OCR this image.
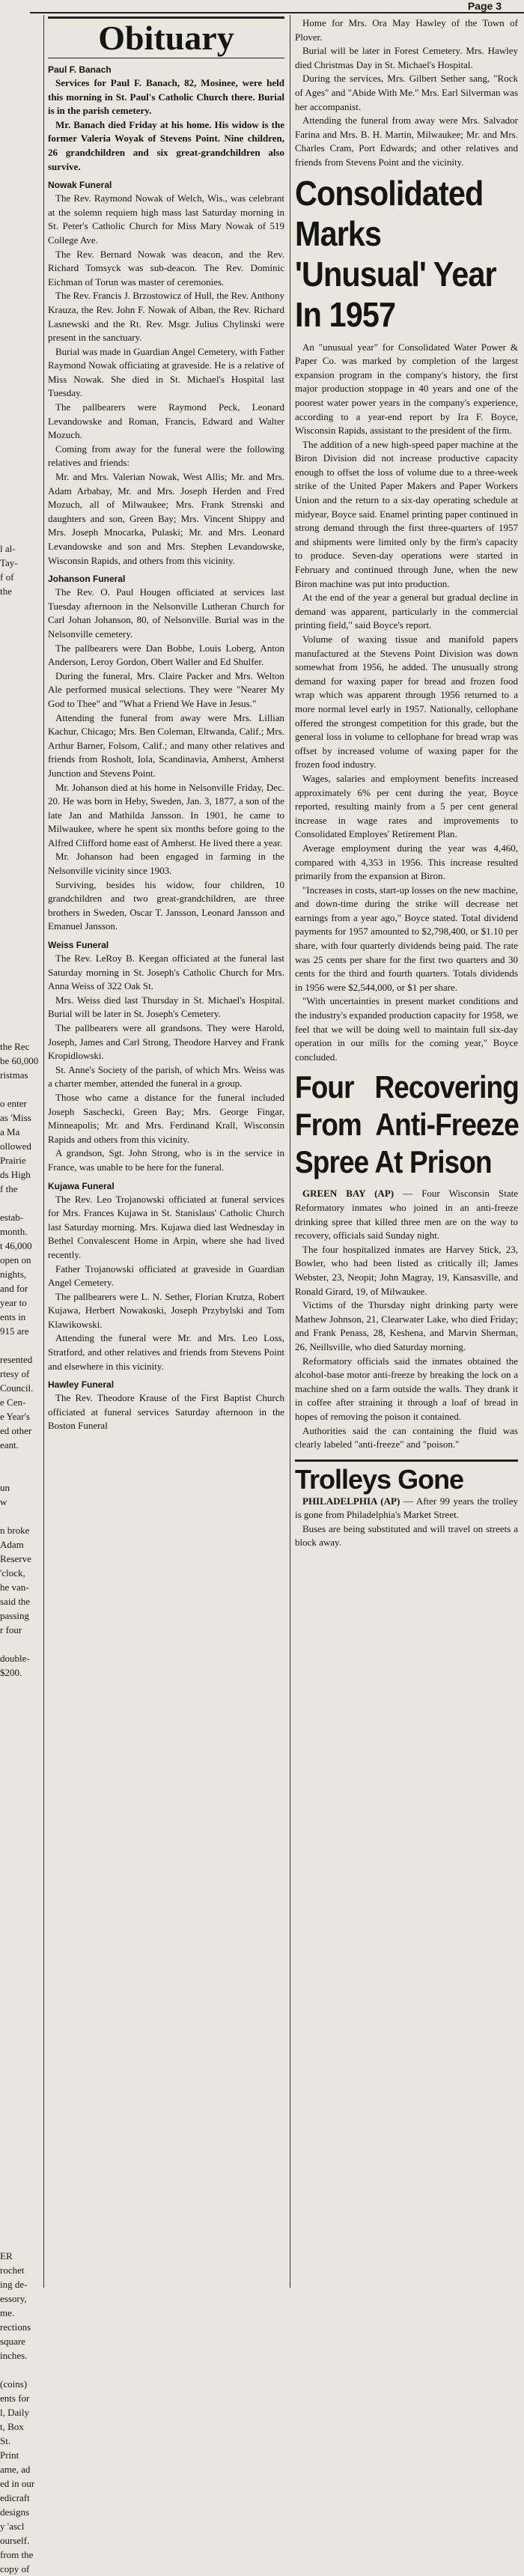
Page 3
l al-
Tay-
f of
the
the Rec
be 60,000
ristmas
o enter
as 'Miss
a Ma
ollowed
Prairie
ds High
f the
estab-
month.
t 46,000
open on
nights,
and for
year to
ents in
915 are
resented
rtesy of
Council.
e Cen-
e Year's
ed other
eant.
un
w
n broke
Adam
Reserve
'clock,
he van-
said the
passing
r four
double-
$200.
ER
rochet
ing de-
essory,
me.
rections
square
inches.
(coins)
ents for
l, Daily
t, Box
St.
Print
ame, ad
ed in our
edicraft
designs
y 'ascl
ourself.
from the
copy of
Obituary
Paul F. Banach

Services for Paul F. Banach, 82, Mosinee, were held this morning in St. Paul's Catholic Church there. Burial is in the parish cemetery.

Mr. Banach died Friday at his home. His widow is the former Valeria Woyak of Stevens Point. Nine children, 26 grandchildren and six great-grandchildren also survive.

Nowak Funeral

The Rev. Raymond Nowak of Welch, Wis., was celebrant at the solemn requiem high mass last Saturday morning in St. Peter's Catholic Church for Miss Mary Nowak of 519 College Ave.

The Rev. Bernard Nowak was deacon, and the Rev. Richard Tomsyck was sub-deacon. The Rev. Dominic Eichman of Torun was master of ceremonies.

The Rev. Francis J. Brzostowicz of Hull, the Rev. Anthony Krauza, the Rev. John F. Nowak of Alban, the Rev. Richard Lasnewski and the Rt. Rev. Msgr. Julius Chylinski were present in the sanctuary.

Burial was made in Guardian Angel Cemetery, with Father Raymond Nowak officiating at graveside. He is a relative of Miss Nowak. She died in St. Michael's Hospital last Tuesday.

The pallbearers were Raymond Peck, Leonard Levandowske and Roman, Francis, Edward and Walter Mozuch.

Coming from away for the funeral were the following relatives and friends:

Mr. and Mrs. Valerian Nowak, West Allis; Mr. and Mrs. Adam Arbabay, Mr. and Mrs. Joseph Herden and Fred Mozuch, all of Milwaukee; Mrs. Frank Strenski and daughters and son, Green Bay; Mrs. Vincent Shippy and Mrs. Joseph Mnocarka, Pulaski; Mr. and Mrs. Leonard Levandowske and son and Mrs. Stephen Levandowske, Wisconsin Rapids, and others from this vicinity.

Johanson Funeral

The Rev. O. Paul Hougen officiated at services last Tuesday afternoon in the Nelsonville Lutheran Church for Carl Johan Johanson, 80, of Nelsonville. Burial was in the Nelsonville cemetery.

The pallbearers were Dan Bobbe, Louis Loberg, Anton Anderson, Leroy Gordon, Obert Waller and Ed Shulfer.

During the funeral, Mrs. Claire Packer and Mrs. Welton Ale performed musical selections. They were "Nearer My God to Thee" and "What a Friend We Have in Jesus."

Attending the funeral from away were Mrs. Lillian Kachur, Chicago; Mrs. Ben Coleman, Eltwanda, Calif.; Mrs. Arthur Barner, Folsom, Calif.; and many other relatives and friends from Rosholt, Iola, Scandinavia, Amherst, Amherst Junction and Stevens Point.

Mr. Johanson died at his home in Nelsonville Friday, Dec. 20. He was born in Heby, Sweden, Jan. 3, 1877, a son of the late Jan and Mathilda Jansson. In 1901, he came to Milwaukee, where he spent six months before going to the Alfred Clifford home east of Amherst. He lived there a year.

Mr. Johanson had been engaged in farming in the Nelsonville vicinity since 1903.

Surviving, besides his widow, four children, 10 grandchildren and two great-grandchildren, are three brothers in Sweden, Oscar T. Jansson, Leonard Jansson and Emanuel Jansson.

Weiss Funeral

The Rev. LeRoy B. Keegan officiated at the funeral last Saturday morning in St. Joseph's Catholic Church for Mrs. Anna Weiss of 322 Oak St.

Mrs. Weiss died last Thursday in St. Michael's Hospital. Burial will be later in St. Joseph's Cemetery.

The pallbearers were all grandsons. They were Harold, Joseph, James and Carl Strong, Theodore Harvey and Frank Kropidlowski.

St. Anne's Society of the parish, of which Mrs. Weiss was a charter member, attended the funeral in a group.

Those who came a distance for the funeral included Joseph Saschecki, Green Bay; Mrs. George Fingar, Minneapolis; Mr. and Mrs. Ferdinand Krall, Wisconsin Rapids and others from this vicinity.

A grandson, Sgt. John Strong, who is in the service in France, was unable to be here for the funeral.

Kujawa Funeral

The Rev. Leo Trojanowski officiated at funeral services for Mrs. Frances Kujawa in St. Stanislaus' Catholic Church last Saturday morning. Mrs. Kujawa died last Wednesday in Bethel Convalescent Home in Arpin, where she had lived recently.

Father Trojanowski officiated at graveside in Guardian Angel Cemetery.

The pallbearers were L. N. Sether, Florian Krutza, Robert Kujawa, Herbert Nowakoski, Joseph Przybylski and Tom Klawikowski.

Attending the funeral were Mr. and Mrs. Leo Loss, Stratford, and other relatives and friends from Stevens Point and elsewhere in this vicinity.

Hawley Funeral

The Rev. Theodore Krause of the First Baptist Church officiated at funeral services Saturday afternoon in the Boston Funeral

Home for Mrs. Ora May Hawley of the Town of Plover.

Burial will be later in Forest Cemetery. Mrs. Hawley died Christmas Day in St. Michael's Hospital.

During the services, Mrs. Gilbert Sether sang, "Rock of Ages" and "Abide With Me." Mrs. Earl Silverman was her accompanist.

Attending the funeral from away were Mrs. Salvador Farina and Mrs. B. H. Martin, Milwaukee; Mr. and Mrs. Charles Cram, Port Edwards; and other relatives and friends from Stevens Point and the vicinity.

Consolidated Marks 'Unusual' Year In 1957

An "unusual year" for Consolidated Water Power & Paper Co. was marked by completion of the largest expansion program in the company's history, the first major production stoppage in 40 years and one of the poorest water power years in the company's experience, according to a year-end report by Ira F. Boyce, Wisconsin Rapids, assistant to the president of the firm.

The addition of a new high-speed paper machine at the Biron Division did not increase productive capacity enough to offset the loss of volume due to a three-week strike of the United Paper Makers and Paper Workers Union and the return to a six-day operating schedule at midyear, Boyce said. Enamel printing paper continued in strong demand through the first three-quarters of 1957 and shipments were limited only by the firm's capacity to produce. Seven-day operations were started in February and continued through June, when the new Biron machine was put into production.

At the end of the year a general but gradual decline in demand was apparent, particularly in the commercial printing field," said Boyce's report.

Volume of waxing tissue and manifold papers manufactured at the Stevens Point Division was down somewhat from 1956, he added. The unusually strong demand for waxing paper for bread and frozen food wrap which was apparent through 1956 returned to a more normal level early in 1957. Nationally, cellophane offered the strongest competition for this grade, but the general loss in volume to cellophane for bread wrap was offset by increased volume of waxing paper for the frozen food industry.

Wages, salaries and employment benefits increased approximately 6% per cent during the year, Boyce reported, resulting mainly from a 5 per cent general increase in wage rates and improvements to Consolidated Employes' Retirement Plan.

Average employment during the year was 4,460, compared with 4,353 in 1956. This increase resulted primarily from the expansion at Biron.

"Increases in costs, start-up losses on the new machine, and down-time during the strike will decrease net earnings from a year ago," Boyce stated. Total dividend payments for 1957 amounted to $2,798,400, or $1.10 per share, with four quarterly dividends being paid. The rate was 25 cents per share for the first two quarters and 30 cents for the third and fourth quarters. Totals dividends in 1956 were $2,544,000, or $1 per share.

"With uncertainties in present market conditions and the industry's expanded production capacity for 1958, we feel that we will be doing well to maintain full six-day operation in our mills for the coming year," Boyce concluded.

Four Recovering From Anti-Freeze Spree At Prison

GREEN BAY (AP) — Four Wisconsin State Reformatory inmates who joined in an anti-freeze drinking spree that killed three men are on the way to recovery, officials said Sunday night.

The four hospitalized inmates are Harvey Stick, 23, Bowler, who had been listed as critically ill; James Webster, 23, Neopit; John Magray, 19, Kansasville, and Ronald Girard, 19, of Milwaukee.

Victims of the Thursday night drinking party were Mathew Johnson, 21, Clearwater Lake, who died Friday; and Frank Penass, 28, Keshena, and Marvin Sherman, 26, Neillsville, who died Saturday morning.

Reformatory officials said the inmates obtained the alcohol-base motor anti-freeze by breaking the lock on a machine shed on a farm outside the walls. They drank it in coffee after straining it through a loaf of bread in hopes of removing the poison it contained.

Authorities said the can containing the fluid was clearly labeled "anti-freeze" and "poison."

Trolleys Gone

PHILADELPHIA (AP) — After 99 years the trolley is gone from Philadelphia's Market Street.

Buses are being substituted and will travel on streets a block away.
